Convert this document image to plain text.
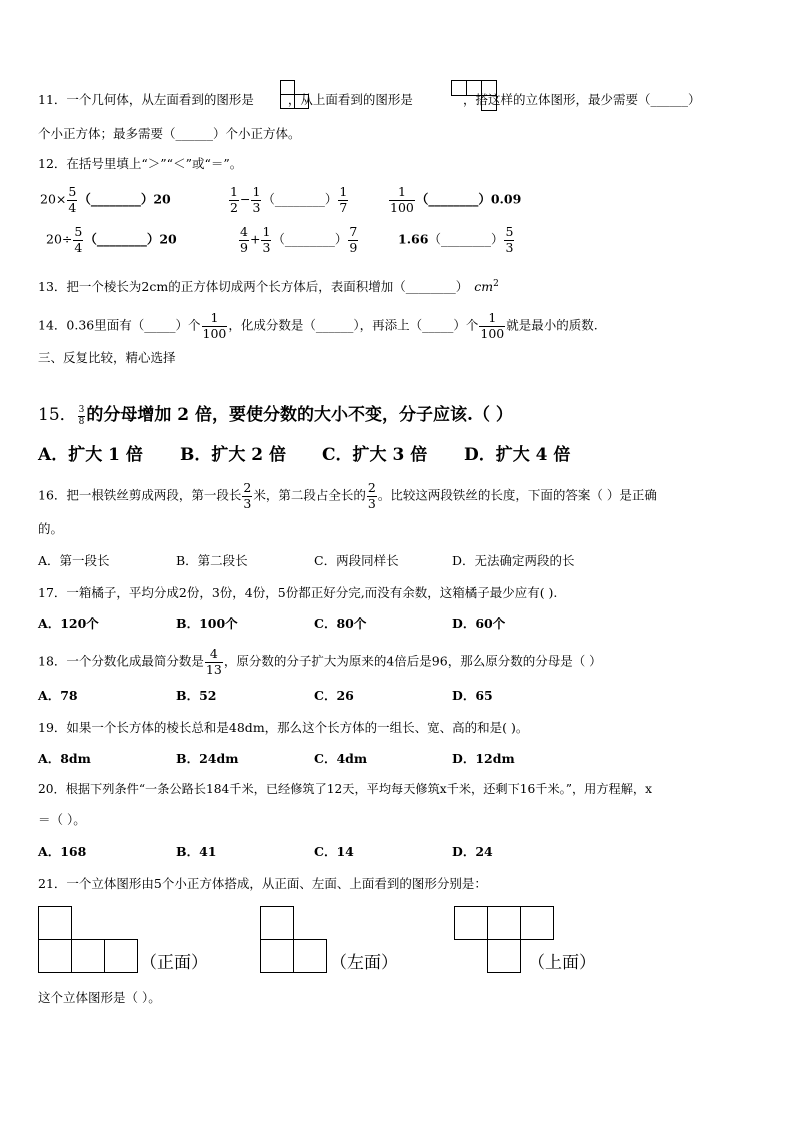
11．一个几何体，从左面看到的图形是	，从上面看到的图形是	，搭这样的立体图形，最少需要（______）
个小正方体；最多需要（______）个小正方体。
12．在括号里填上“＞”“＜”或“＝”。
$20\times \frac{5}{4}$ （________）20	$\frac{1}{2} - \frac{1}{3}$ （________） $\frac{1}{7}$	$\frac{1}{100}$ （________）0.09
$20\div \frac{5}{4}$ （________）20	$\frac{4}{9} + \frac{1}{3}$ （________） $\frac{7}{9}$	1.66（________） $\frac{5}{3}$
13．把一个棱长为2cm的正方体切成两个长方体后，表面积增加（________） $cm^2$
14．0.36里面有（_____）个 $\frac{1}{100}$ ，化成分数是（______），再添上（_____）个 $\frac{1}{100}$ 就是最小的质数.
三、反复比较，精心选择
15． $\frac{3}{8}$ 的分母增加 2 倍，要使分数的大小不变，分子应该.（ ）
A．扩大 1 倍 B．扩大 2 倍 C．扩大 3 倍 D．扩大 4 倍
16．把一根铁丝剪成两段，第一段长 $\frac{2}{3}$ 米，第二段占全长的 $\frac{2}{3}$ 。比较这两段铁丝的长度，下面的答案（ ）是正确
的。
A．第一段长	B．第二段长	C．两段同样长	D．无法确定两段的长
17．一箱橘子，平均分成2份，3份，4份，5份都正好分完,而没有余数，这箱橘子最少应有( ).
A．120个	B．100个	C．80个	D．60个
18．一个分数化成最简分数是 $\frac{4}{13}$ ，原分数的分子扩大为原来的4倍后是96，那么原分数的分母是（ ）
A．78	B．52	C．26	D．65
19．如果一个长方体的棱长总和是48dm，那么这个长方体的一组长、宽、高的和是( )。
A．8dm	B．24dm	C．4dm	D．12dm
20．根据下列条件“一条公路长184千米，已经修筑了12天，平均每天修筑x千米，还剩下16千米。”，用方程解，x
＝（ ）。
A．168	B．41	C．14	D．24
21．一个立体图形由5个小正方体搭成，从正面、左面、上面看到的图形分别是：
（正面）	（左面）	（上面）
这个立体图形是（ ）。
